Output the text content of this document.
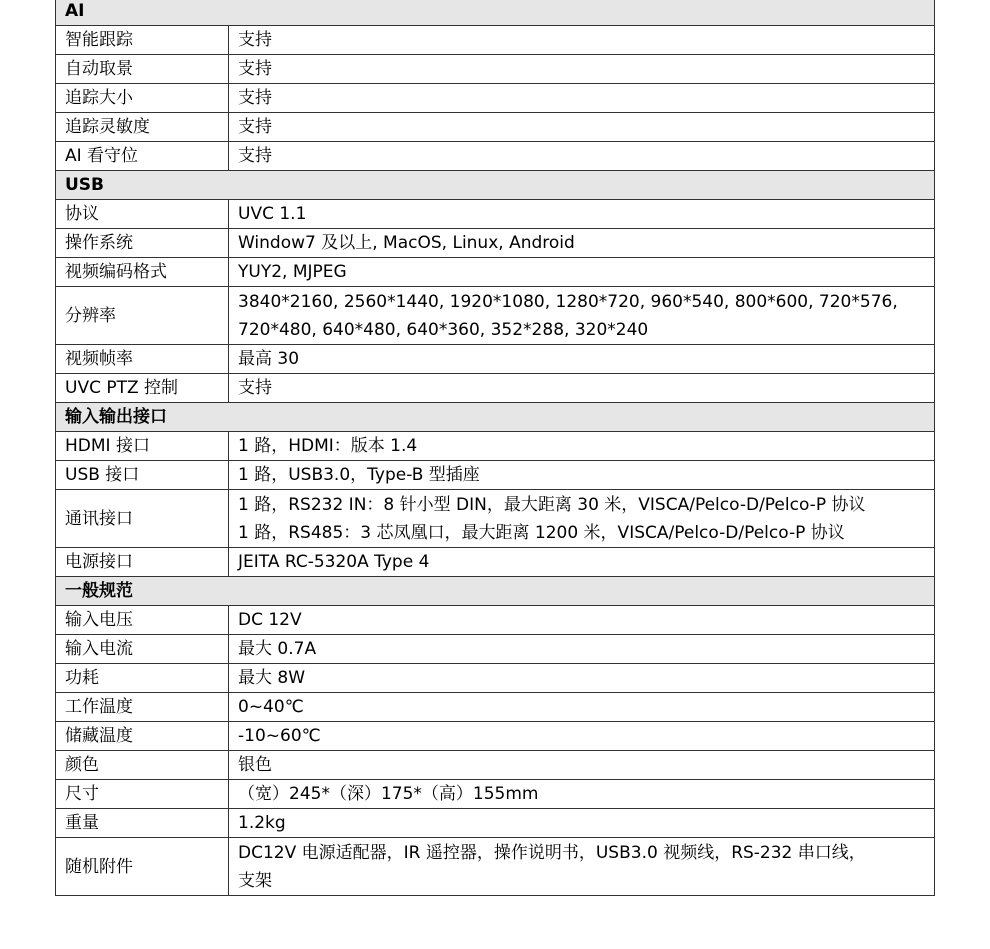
AI	
智能跟踪	支持

自动取景	支持

追踪大小	支持

追踪灵敏度	支持

AI 看守位	支持

USB	
协议	UVC 1.1

操作系统	Window7 及以上, MacOS, Linux, Android

视频编码格式	YUY2, MJPEG

分辨率	3840*2160, 2560*1440, 1920*1080, 1280*720, 960*540, 800*600, 720*576,
720*480, 640*480, 640*360, 352*288, 320*240

视频帧率	最高 30

UVC PTZ 控制	支持

输入输出接口	
HDMI 接口	1 路，HDMI：版本 1.4

USB 接口	1 路，USB3.0，Type-B 型插座

通讯接口	1 路，RS232 IN：8 针小型 DIN，最大距离 30 米，VISCA/Pelco-D/Pelco-P 协议
1 路，RS485：3 芯凤凰口，最大距离 1200 米，VISCA/Pelco-D/Pelco-P 协议

电源接口	JEITA RC-5320A Type 4

一般规范	
输入电压	DC 12V

输入电流	最大 0.7A

功耗	最大 8W

工作温度	0~40℃

储藏温度	-10~60℃

颜色	银色

尺寸	（宽）245*（深）175*（高）155mm

重量	1.2kg

随机附件	DC12V 电源适配器，IR 遥控器，操作说明书，USB3.0 视频线，RS-232 串口线，
支架
